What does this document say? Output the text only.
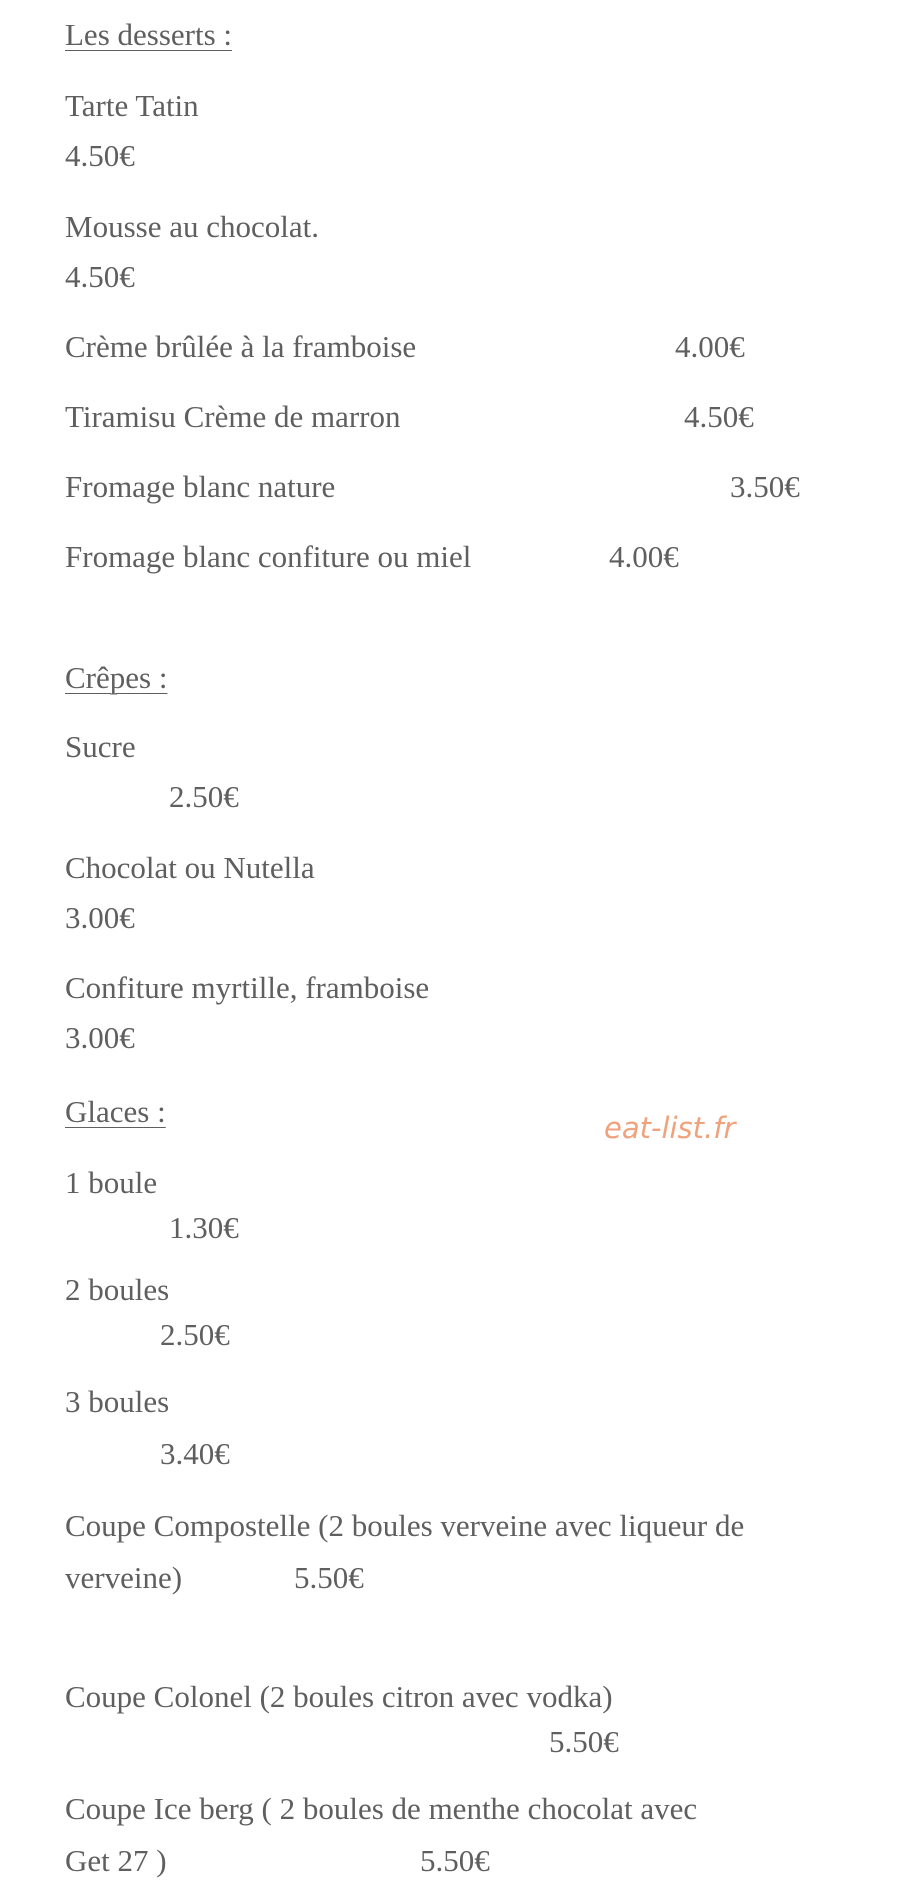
Les desserts :
Tarte Tatin
4.50€
Mousse au chocolat.
4.50€
Crème brûlée à la framboise	4.00€
Tiramisu Crème de marron	4.50€
Fromage blanc nature	3.50€
Fromage blanc confiture ou miel	4.00€
Crêpes :
Sucre
2.50€
Chocolat ou Nutella
3.00€
Confiture myrtille, framboise
3.00€
Glaces :	eat-list.fr
1 boule
1.30€
2 boules
2.50€
3 boules
3.40€
Coupe Compostelle (2 boules verveine avec liqueur de
verveine)	5.50€
Coupe Colonel (2 boules citron avec vodka)
5.50€
Coupe Ice berg ( 2 boules de menthe chocolat avec
Get 27 )	5.50€
